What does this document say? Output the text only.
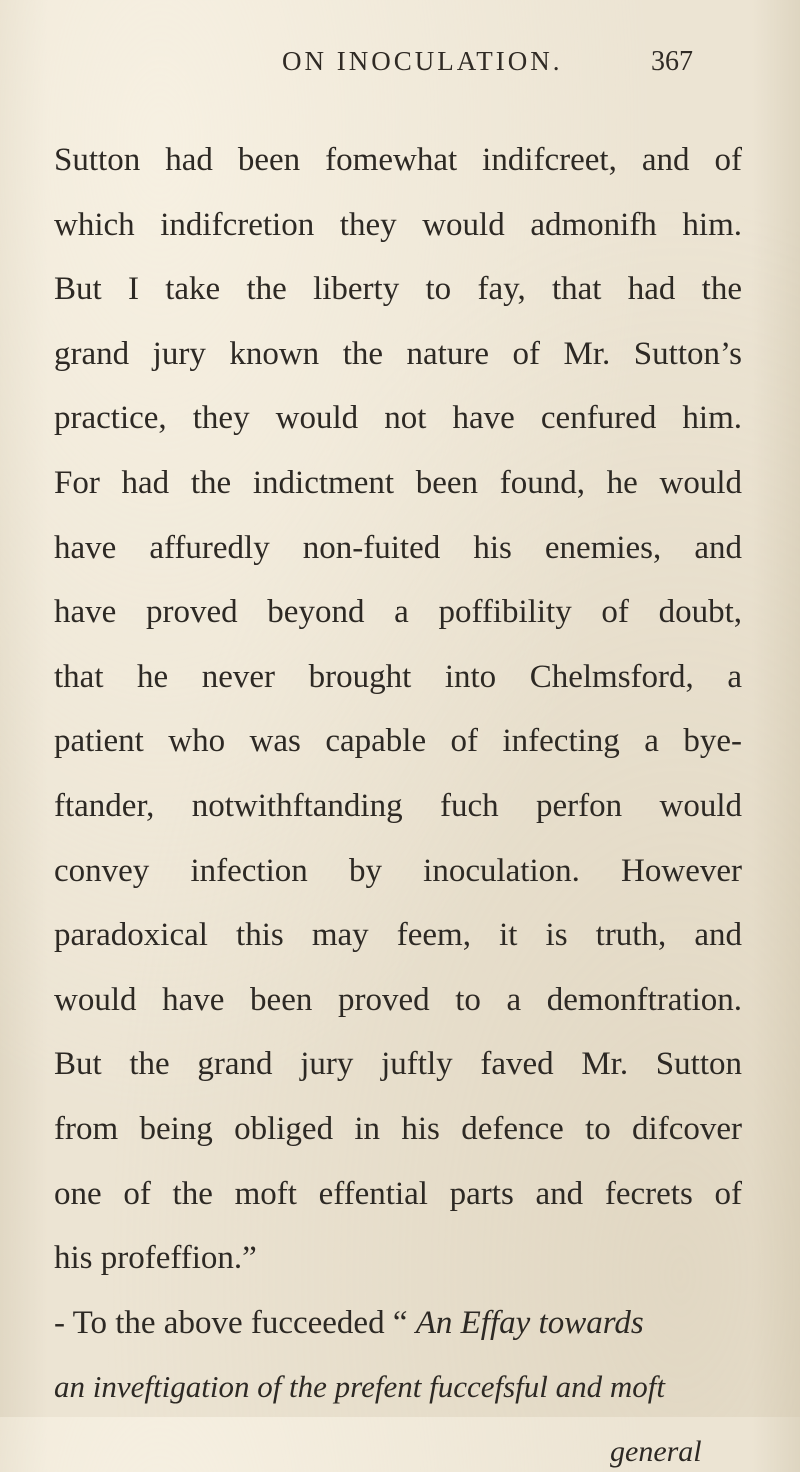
ON INOCULATION.	367
Sutton had been fomewhat indifcreet, and of
which indifcretion they would admonifh him.
But I take the liberty to fay, that had the
grand jury known the nature of Mr. Sutton’s
practice, they would not have cenfured him.
For had the indictment been found, he would
have affuredly non-fuited his enemies, and
have proved beyond a poffibility of doubt,
that he never brought into Chelmsford, a
patient who was capable of infecting a bye-
ftander, notwithftanding fuch perfon would
convey infection by inoculation. However
paradoxical this may feem, it is truth, and
would have been proved to a demonftration.
But the grand jury juftly faved Mr. Sutton
from being obliged in his defence to difcover
one of the moft effential parts and fecrets of
his profeffion.”
- To the above fucceeded “ An Effay towards
an inveftigation of the prefent fuccefsful and moft
general
